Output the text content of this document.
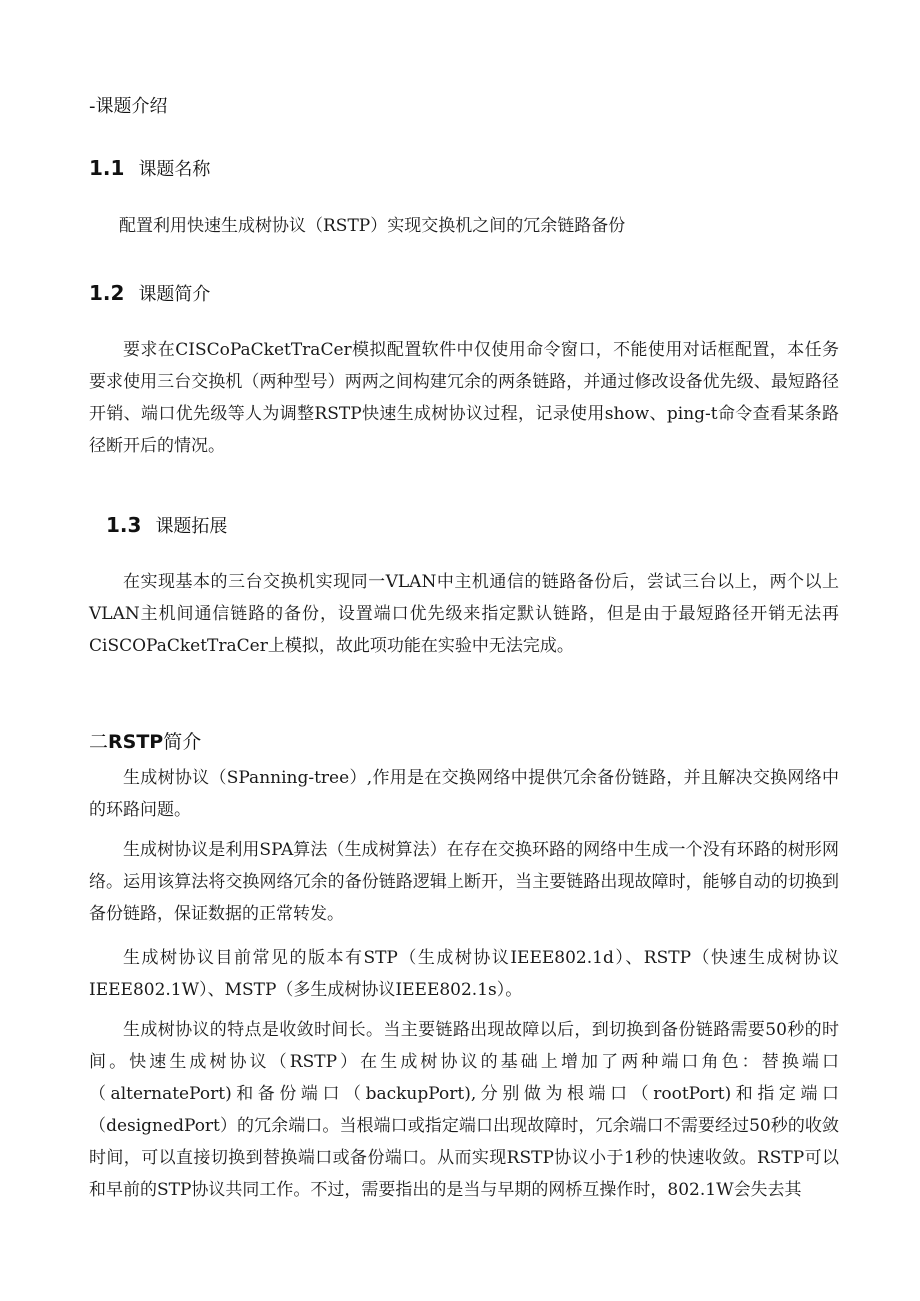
-课题介绍
1.1 课题名称

配置利用快速生成树协议（RSTP）实现交换机之间的冗余链路备份

1.2 课题简介

要求在CISCoPaCketTraCer模拟配置软件中仅使用命令窗口，不能使用对话框配置，本任务要求使用三台交换机（两种型号）两两之间构建冗余的两条链路，并通过修改设备优先级、最短路径开销、端口优先级等人为调整RSTP快速生成树协议过程，记录使用show、ping-t命令查看某条路径断开后的情况。

1.3 课题拓展

在实现基本的三台交换机实现同一VLAN中主机通信的链路备份后，尝试三台以上，两个以上VLAN主机间通信链路的备份，设置端口优先级来指定默认链路，但是由于最短路径开销无法再CiSCOPaCketTraCer上模拟，故此项功能在实验中无法完成。

二RSTP简介

生成树协议（SPanning-tree）,作用是在交换网络中提供冗余备份链路，并且解决交换网络中的环路问题。

生成树协议是利用SPA算法（生成树算法）在存在交换环路的网络中生成一个没有环路的树形网络。运用该算法将交换网络冗余的备份链路逻辑上断开，当主要链路出现故障时，能够自动的切换到备份链路，保证数据的正常转发。

生成树协议目前常见的版本有STP（生成树协议IEEE802.1d）、RSTP（快速生成树协议IEEE802.1W）、MSTP（多生成树协议IEEE802.1s）。

生成树协议的特点是收敛时间长。当主要链路出现故障以后，到切换到备份链路需要50秒的时间。快速生成树协议（RSTP）在生成树协议的基础上增加了两种端口角色：替换端口（alternatePort)和备份端口（backupPort),分别做为根端口（rootPort)和指定端口（designedPort）的冗余端口。当根端口或指定端口出现故障时，冗余端口不需要经过50秒的收敛时间，可以直接切换到替换端口或备份端口。从而实现RSTP协议小于1秒的快速收敛。RSTP可以和早前的STP协议共同工作。不过，需要指出的是当与早期的网桥互操作时，802.1W会失去其
